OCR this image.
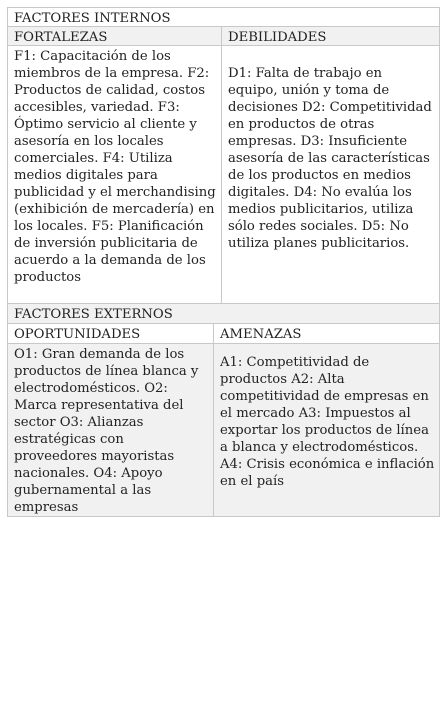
FACTORES INTERNOS
FORTALEZAS	DEBILIDADES
F1: Capacitación de los miembros de la empresa. F2: Productos de calidad, costos accesibles, variedad. F3: Óptimo servicio al cliente y asesoría en los locales comerciales. F4: Utiliza medios digitales para publicidad y el merchandising (exhibición de mercadería) en los locales. F5: Planificación de inversión publicitaria de acuerdo a la demanda de los productos
D1: Falta de trabajo en equipo, unión y toma de decisiones D2: Competitividad en productos de otras empresas. D3: Insuficiente asesoría de las características de los productos en medios digitales. D4: No evalúa los medios publicitarios, utiliza sólo redes sociales. D5: No utiliza planes publicitarios.
FACTORES EXTERNOS
OPORTUNIDADES	AMENAZAS
O1: Gran demanda de los productos de línea blanca y electrodomésticos. O2: Marca representativa del sector O3: Alianzas estratégicas con proveedores mayoristas nacionales. O4: Apoyo gubernamental a las empresas
A1: Competitividad de productos A2: Alta competitividad de empresas en el mercado A3: Impuestos al exportar los productos de línea a blanca y electrodomésticos. A4: Crisis económica e inflación en el país
